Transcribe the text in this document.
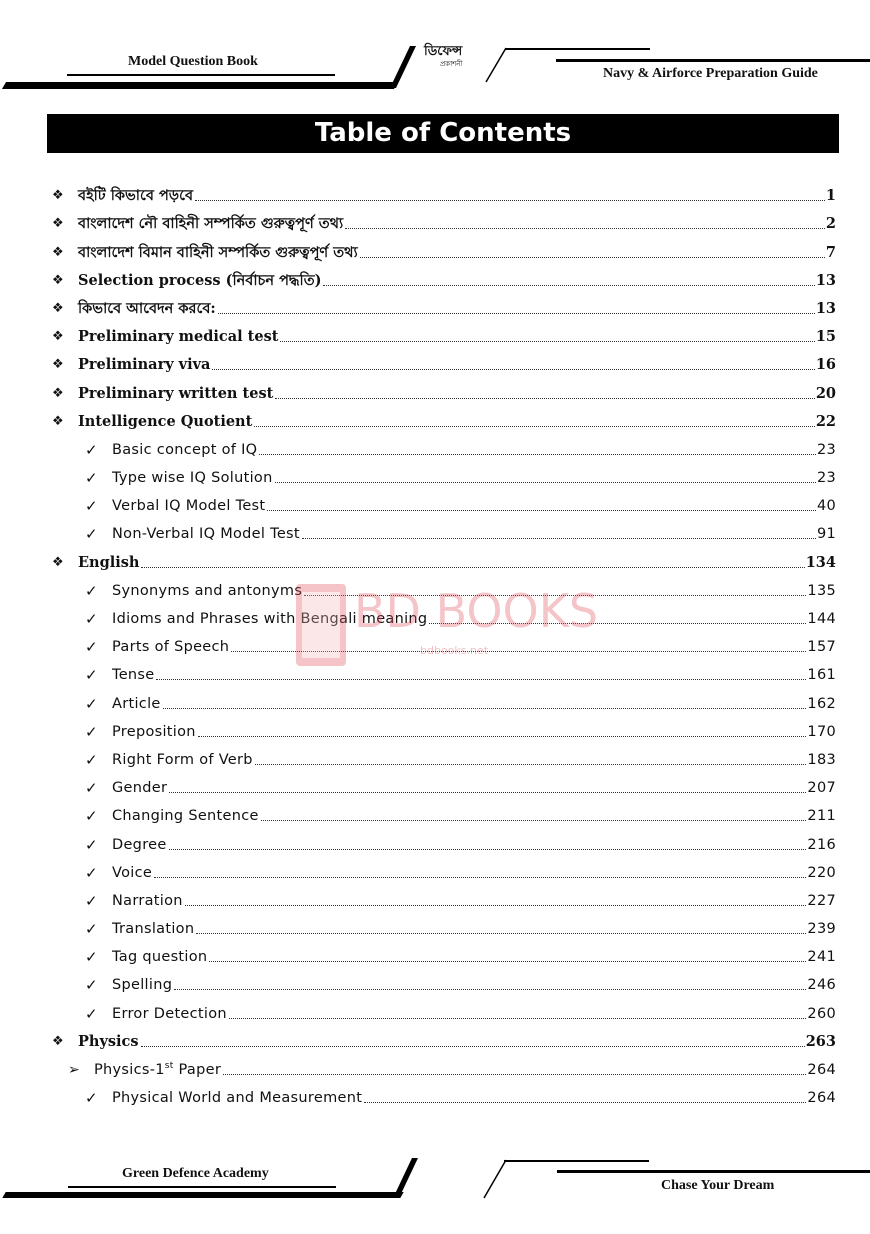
Model Question Book
ডিফেন্স
প্রকাশনী
Navy & Airforce Preparation Guide
Table of Contents
❖ বইটি কিভাবে পড়বে	1
❖ বাংলাদেশ নৌ বাহিনী সম্পর্কিত গুরুত্বপূর্ণ তথ্য	2
❖ বাংলাদেশ বিমান বাহিনী সম্পর্কিত গুরুত্বপূর্ণ তথ্য	7
❖ Selection process (নির্বাচন পদ্ধতি)	13
❖ কিভাবে আবেদন করবে:	13
❖ Preliminary medical test	15
❖ Preliminary viva	16
❖ Preliminary written test	20
❖ Intelligence Quotient	22
✓ Basic concept of IQ	23
✓ Type wise IQ Solution	23
✓ Verbal IQ Model Test	40
✓ Non-Verbal IQ Model Test	91
❖ English	134
✓ Synonyms and antonyms	135
✓ Idioms and Phrases with Bengali meaning	144
✓ Parts of Speech	157
✓ Tense	161
✓ Article	162
✓ Preposition	170
✓ Right Form of Verb	183
✓ Gender	207
✓ Changing Sentence	211
✓ Degree	216
✓ Voice	220
✓ Narration	227
✓ Translation	239
✓ Tag question	241
✓ Spelling	246
✓ Error Detection	260
❖ Physics	263
➢ Physics-1st Paper	264
✓ Physical World and Measurement	264
BD BOOKS
bdbooks.net
Green Defence Academy
Chase Your Dream
